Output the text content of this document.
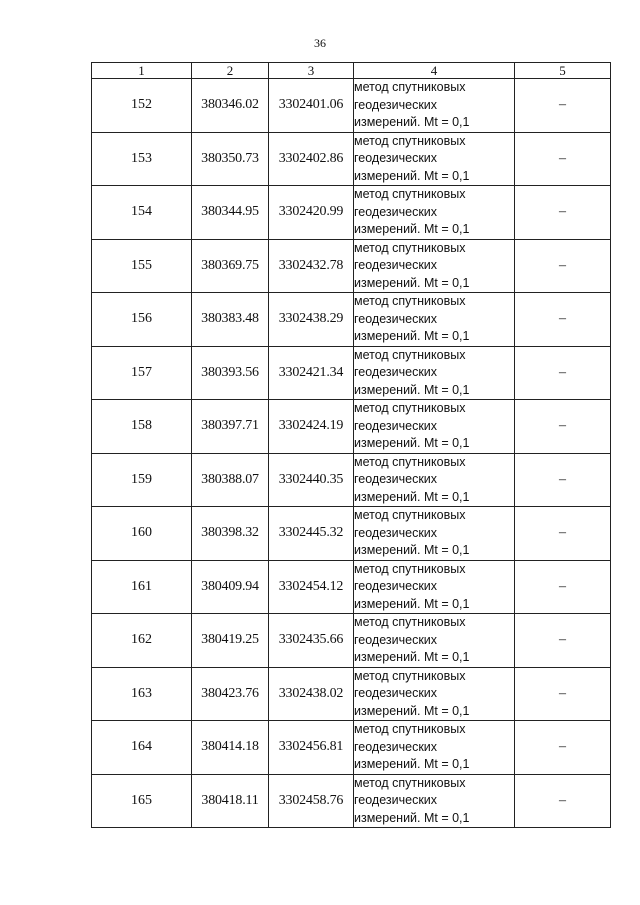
36
1	2	3	4	5
152	380346.02	3302401.06	метод спутниковых
геодезических
измерений. Mt = 0,1	–
153	380350.73	3302402.86	метод спутниковых
геодезических
измерений. Mt = 0,1	–
154	380344.95	3302420.99	метод спутниковых
геодезических
измерений. Mt = 0,1	–
155	380369.75	3302432.78	метод спутниковых
геодезических
измерений. Mt = 0,1	–
156	380383.48	3302438.29	метод спутниковых
геодезических
измерений. Mt = 0,1	–
157	380393.56	3302421.34	метод спутниковых
геодезических
измерений. Mt = 0,1	–
158	380397.71	3302424.19	метод спутниковых
геодезических
измерений. Mt = 0,1	–
159	380388.07	3302440.35	метод спутниковых
геодезических
измерений. Mt = 0,1	–
160	380398.32	3302445.32	метод спутниковых
геодезических
измерений. Mt = 0,1	–
161	380409.94	3302454.12	метод спутниковых
геодезических
измерений. Mt = 0,1	–
162	380419.25	3302435.66	метод спутниковых
геодезических
измерений. Mt = 0,1	–
163	380423.76	3302438.02	метод спутниковых
геодезических
измерений. Mt = 0,1	–
164	380414.18	3302456.81	метод спутниковых
геодезических
измерений. Mt = 0,1	–
165	380418.11	3302458.76	метод спутниковых
геодезических
измерений. Mt = 0,1	–
